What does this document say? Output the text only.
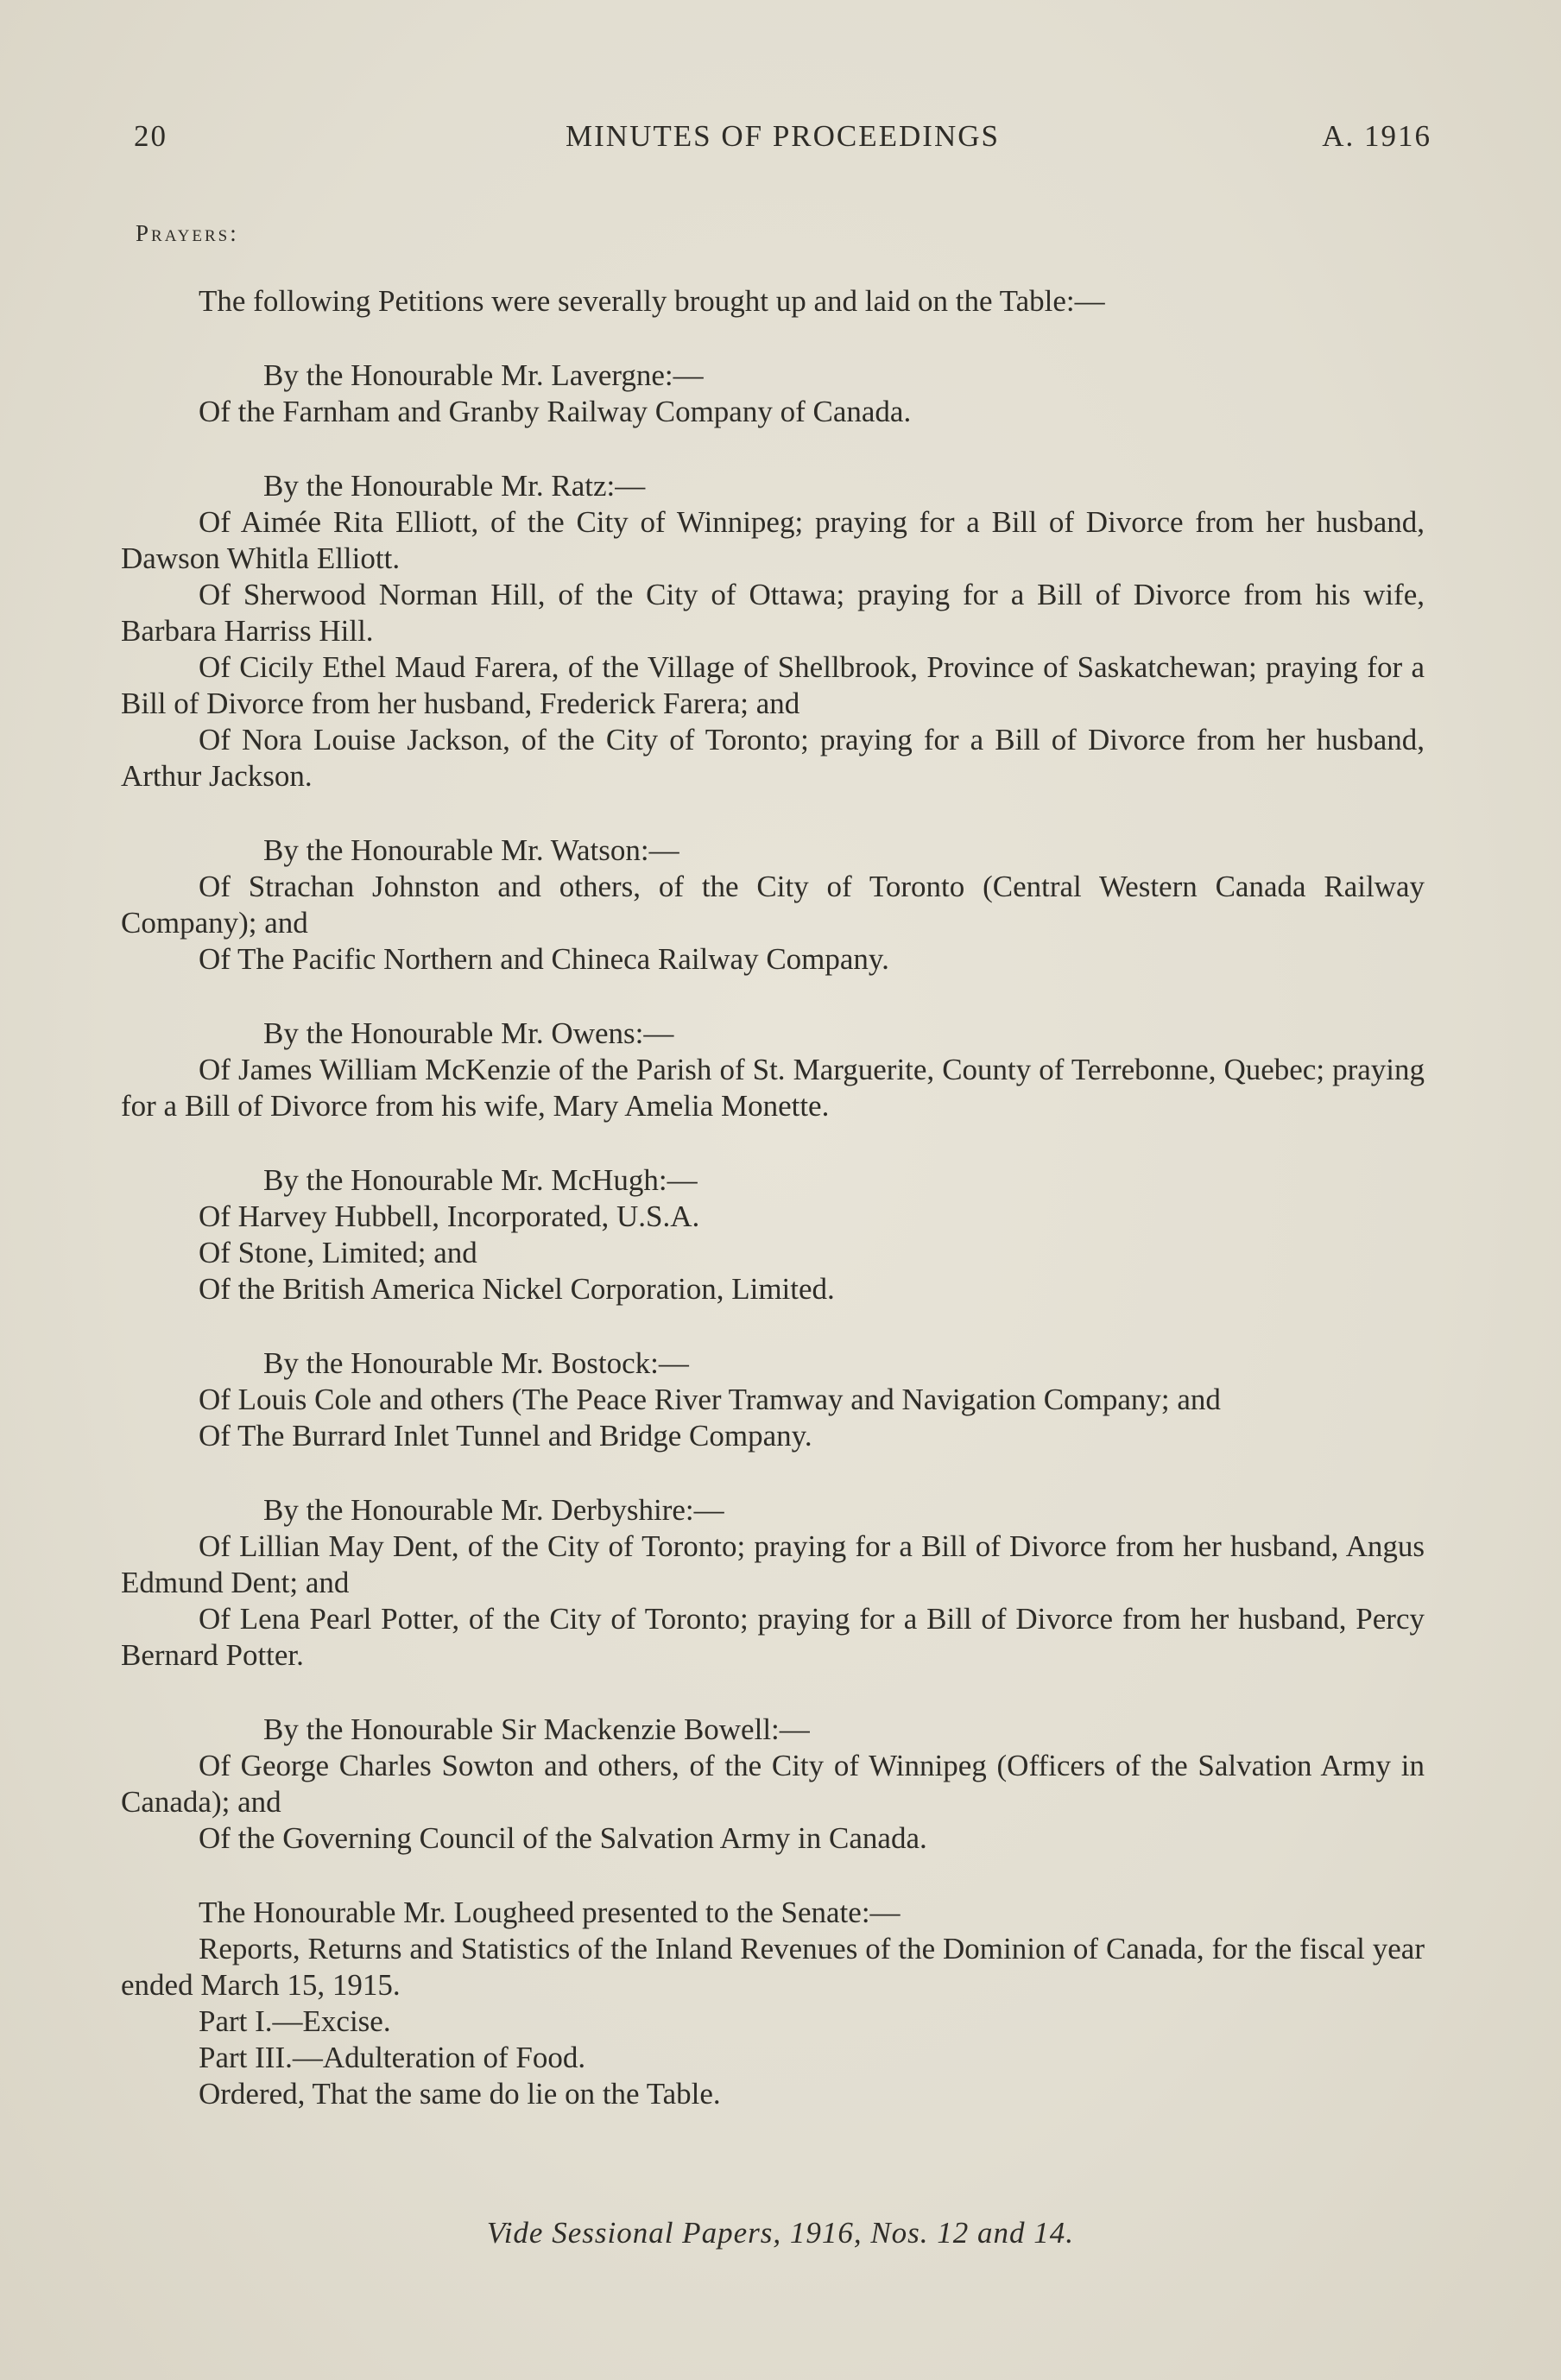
20	MINUTES OF PROCEEDINGS	A. 1916
Prayers:

The following Petitions were severally brought up and laid on the Table:—

By the Honourable Mr. Lavergne:—

Of the Farnham and Granby Railway Company of Canada.

By the Honourable Mr. Ratz:—

Of Aimée Rita Elliott, of the City of Winnipeg; praying for a Bill of Divorce from her husband, Dawson Whitla Elliott.

Of Sherwood Norman Hill, of the City of Ottawa; praying for a Bill of Divorce from his wife, Barbara Harriss Hill.

Of Cicily Ethel Maud Farera, of the Village of Shellbrook, Province of Saskatchewan; praying for a Bill of Divorce from her husband, Frederick Farera; and

Of Nora Louise Jackson, of the City of Toronto; praying for a Bill of Divorce from her husband, Arthur Jackson.

By the Honourable Mr. Watson:—

Of Strachan Johnston and others, of the City of Toronto (Central Western Canada Railway Company); and

Of The Pacific Northern and Chineca Railway Company.

By the Honourable Mr. Owens:—

Of James William McKenzie of the Parish of St. Marguerite, County of Terrebonne, Quebec; praying for a Bill of Divorce from his wife, Mary Amelia Monette.

By the Honourable Mr. McHugh:—

Of Harvey Hubbell, Incorporated, U.S.A.

Of Stone, Limited; and

Of the British America Nickel Corporation, Limited.

By the Honourable Mr. Bostock:—

Of Louis Cole and others (The Peace River Tramway and Navigation Company; and

Of The Burrard Inlet Tunnel and Bridge Company.

By the Honourable Mr. Derbyshire:—

Of Lillian May Dent, of the City of Toronto; praying for a Bill of Divorce from her husband, Angus Edmund Dent; and

Of Lena Pearl Potter, of the City of Toronto; praying for a Bill of Divorce from her husband, Percy Bernard Potter.

By the Honourable Sir Mackenzie Bowell:—

Of George Charles Sowton and others, of the City of Winnipeg (Officers of the Salvation Army in Canada); and

Of the Governing Council of the Salvation Army in Canada.

The Honourable Mr. Lougheed presented to the Senate:—

Reports, Returns and Statistics of the Inland Revenues of the Dominion of Canada, for the fiscal year ended March 15, 1915.

Part I.—Excise.

Part III.—Adulteration of Food.

Ordered, That the same do lie on the Table.

Vide Sessional Papers, 1916, Nos. 12 and 14.
